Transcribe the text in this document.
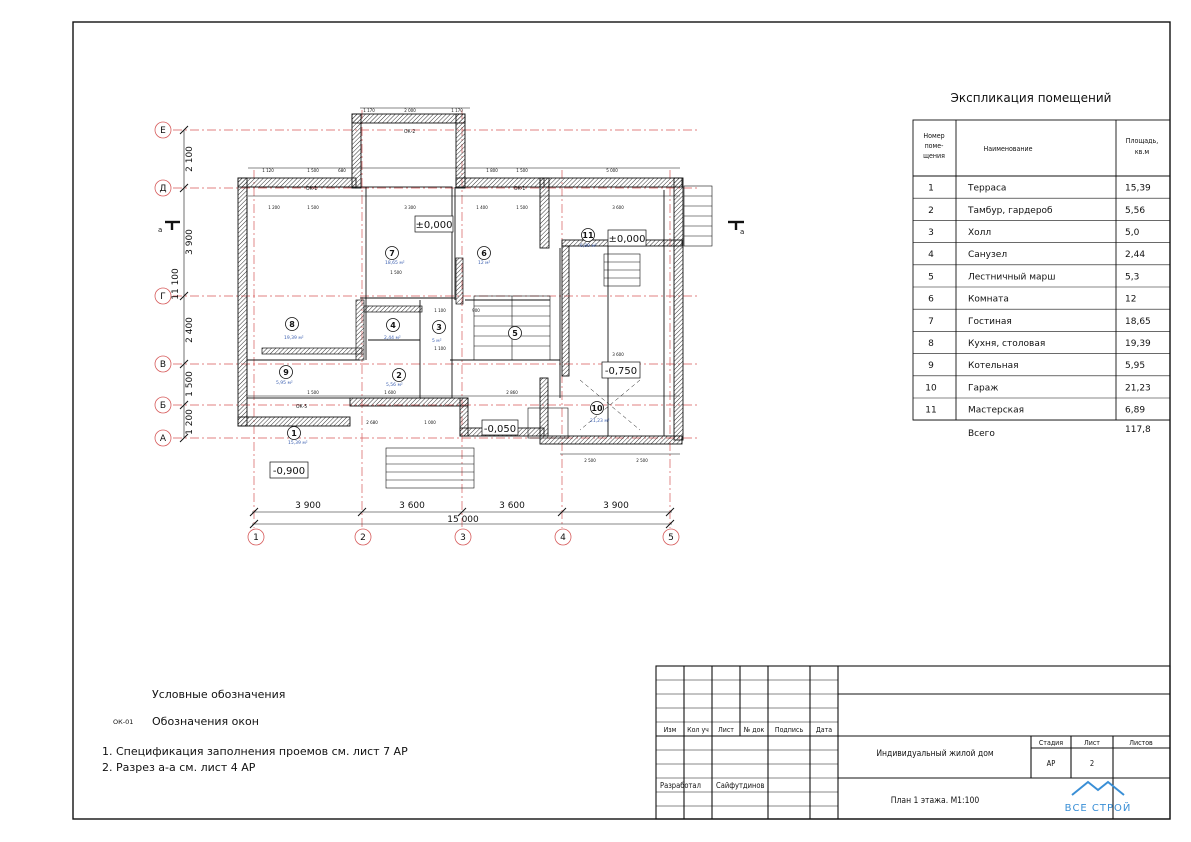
а	а
Е
Д
Г
В
Б
А
1	2	3	4	5
2 100
3 900
2 400
1 500
1 200
11 100
3 900	3 600	3 600	3 900
15 000
1 170	2 000	1 170
1 120	1 500	680	1 800	1 500	5 000
1 200	1 500	3 300	1 400	1 500	3 600
1 500	1 600
2 680	1 000
2 860
3 600
2 500	2 500
1 500
1 100	900
1 100
ОК-1
ОК-2
ОК-1
ОК-5
±0,000
±0,000
-0,050
-0,750
-0,900
1
2
3
4
5
6
7
8
9
10
11
18,65 м²	12 м²
6,89 м²
19,39 м²	2,44 м²
5 м²
5,56 м²
5,95 м²
15,39 м²
21,23 м²
Экспликация помещений
Номер
поме-
щения
Наименование
Площадь,
кв.м
1	Терраса	15,39
2	Тамбур, гардероб	5,56
3	Холл	5,0
4	Санузел	2,44
5	Лестничный марш	5,3
6	Комната	12
7	Гостиная	18,65
8	Кухня, столовая	19,39
9	Котельная	5,95
10	Гараж	21,23
11	Мастерская	6,89
Всего	117,8
Условные обозначения
ОК-01 Обозначения окон
1. Спецификация заполнения проемов см. лист 7 АР
2. Разрез а-а см. лист 4 АР
Изм Кол уч Лист № док Подпись Дата
Разработал Сайфутдинов
Индивидуальный жилой дом
Стадия	Лист	Листов
АР	2
План 1 этажа. М1:100
ВСЕ СТРОЙ
